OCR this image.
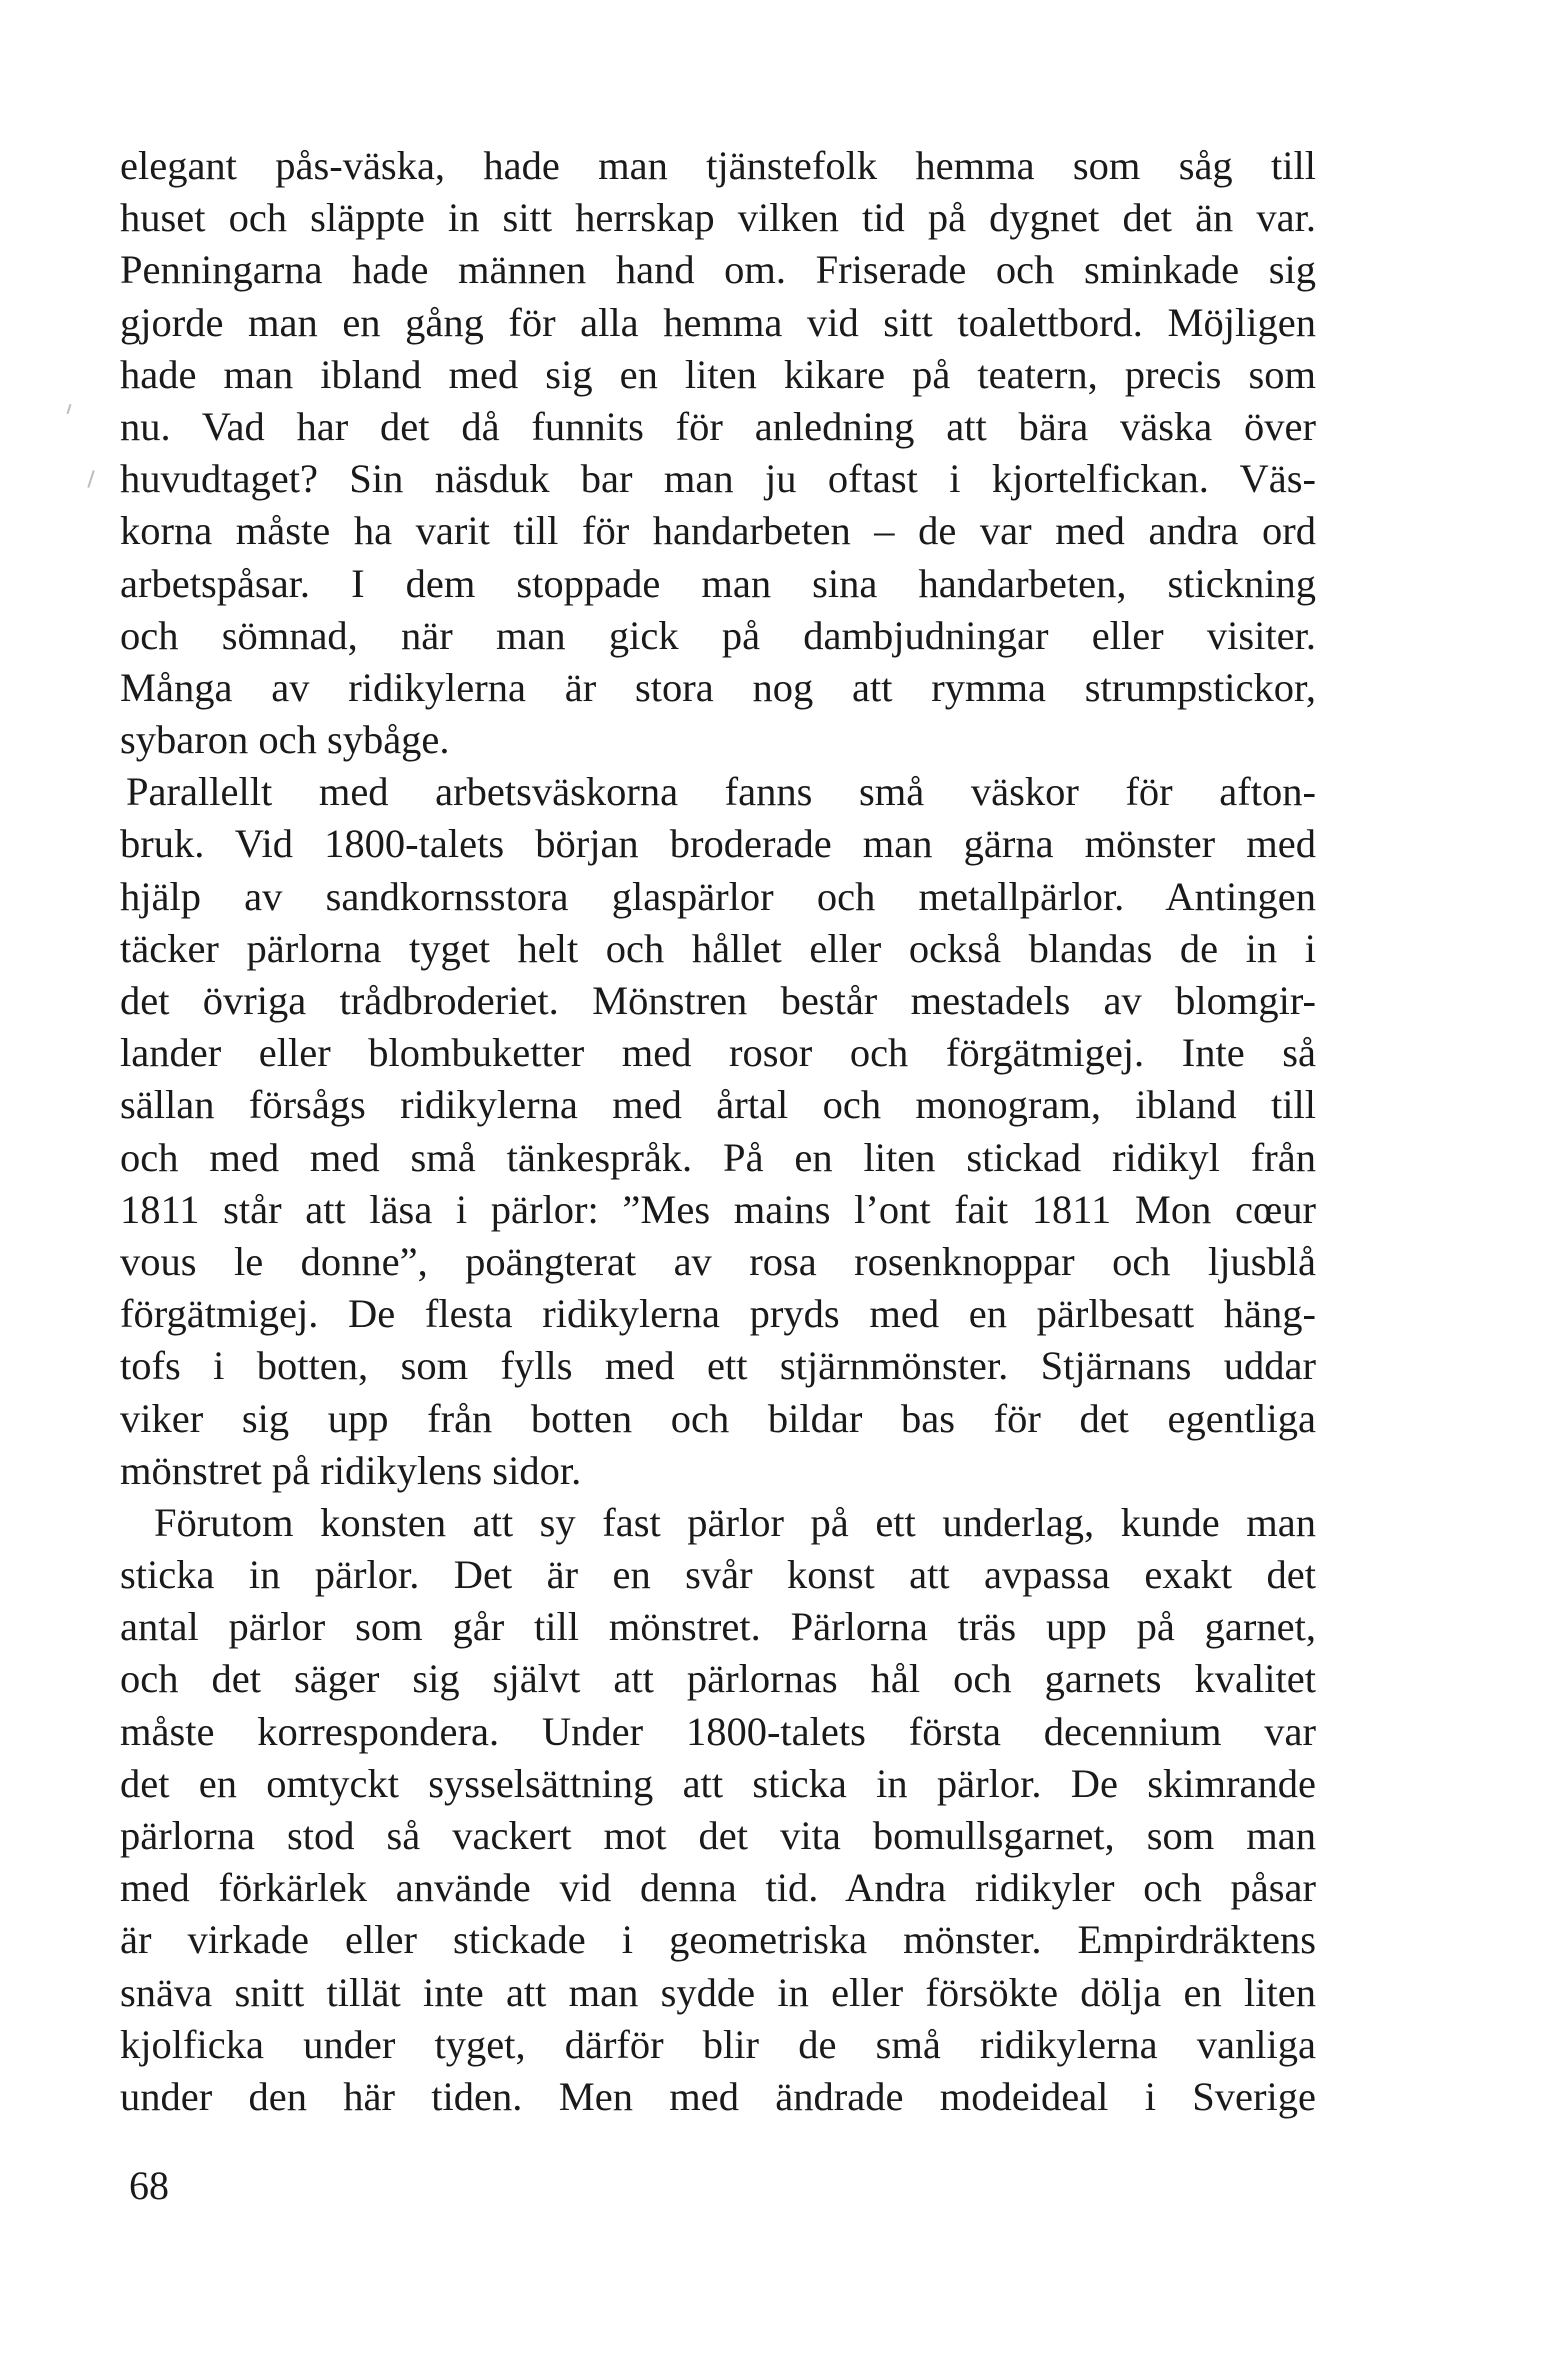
elegant pås-väska, hade man tjänstefolk hemma som såg till
huset och släppte in sitt herrskap vilken tid på dygnet det än var.
Penningarna hade männen hand om. Friserade och sminkade sig
gjorde man en gång för alla hemma vid sitt toalettbord. Möjligen
hade man ibland med sig en liten kikare på teatern, precis som
nu. Vad har det då funnits för anledning att bära väska över
huvudtaget? Sin näsduk bar man ju oftast i kjortelfickan. Väs-
korna måste ha varit till för handarbeten – de var med andra ord
arbetspåsar. I dem stoppade man sina handarbeten, stickning
och sömnad, när man gick på dambjudningar eller visiter.
Många av ridikylerna är stora nog att rymma strumpstickor,
sybaron och sybåge.
Parallellt med arbetsväskorna fanns små väskor för afton-
bruk. Vid 1800-talets början broderade man gärna mönster med
hjälp av sandkornsstora glaspärlor och metallpärlor. Antingen
täcker pärlorna tyget helt och hållet eller också blandas de in i
det övriga trådbroderiet. Mönstren består mestadels av blomgir-
lander eller blombuketter med rosor och förgätmigej. Inte så
sällan försågs ridikylerna med årtal och monogram, ibland till
och med med små tänkespråk. På en liten stickad ridikyl från
1811 står att läsa i pärlor: ”Mes mains l’ont fait 1811 Mon cœur
vous le donne”, poängterat av rosa rosenknoppar och ljusblå
förgätmigej. De flesta ridikylerna pryds med en pärlbesatt häng-
tofs i botten, som fylls med ett stjärnmönster. Stjärnans uddar
viker sig upp från botten och bildar bas för det egentliga
mönstret på ridikylens sidor.
Förutom konsten att sy fast pärlor på ett underlag, kunde man
sticka in pärlor. Det är en svår konst att avpassa exakt det
antal pärlor som går till mönstret. Pärlorna träs upp på garnet,
och det säger sig självt att pärlornas hål och garnets kvalitet
måste korrespondera. Under 1800-talets första decennium var
det en omtyckt sysselsättning att sticka in pärlor. De skimrande
pärlorna stod så vackert mot det vita bomullsgarnet, som man
med förkärlek använde vid denna tid. Andra ridikyler och påsar
är virkade eller stickade i geometriska mönster. Empirdräktens
snäva snitt tillät inte att man sydde in eller försökte dölja en liten
kjolficka under tyget, därför blir de små ridikylerna vanliga
under den här tiden. Men med ändrade modeideal i Sverige
68
